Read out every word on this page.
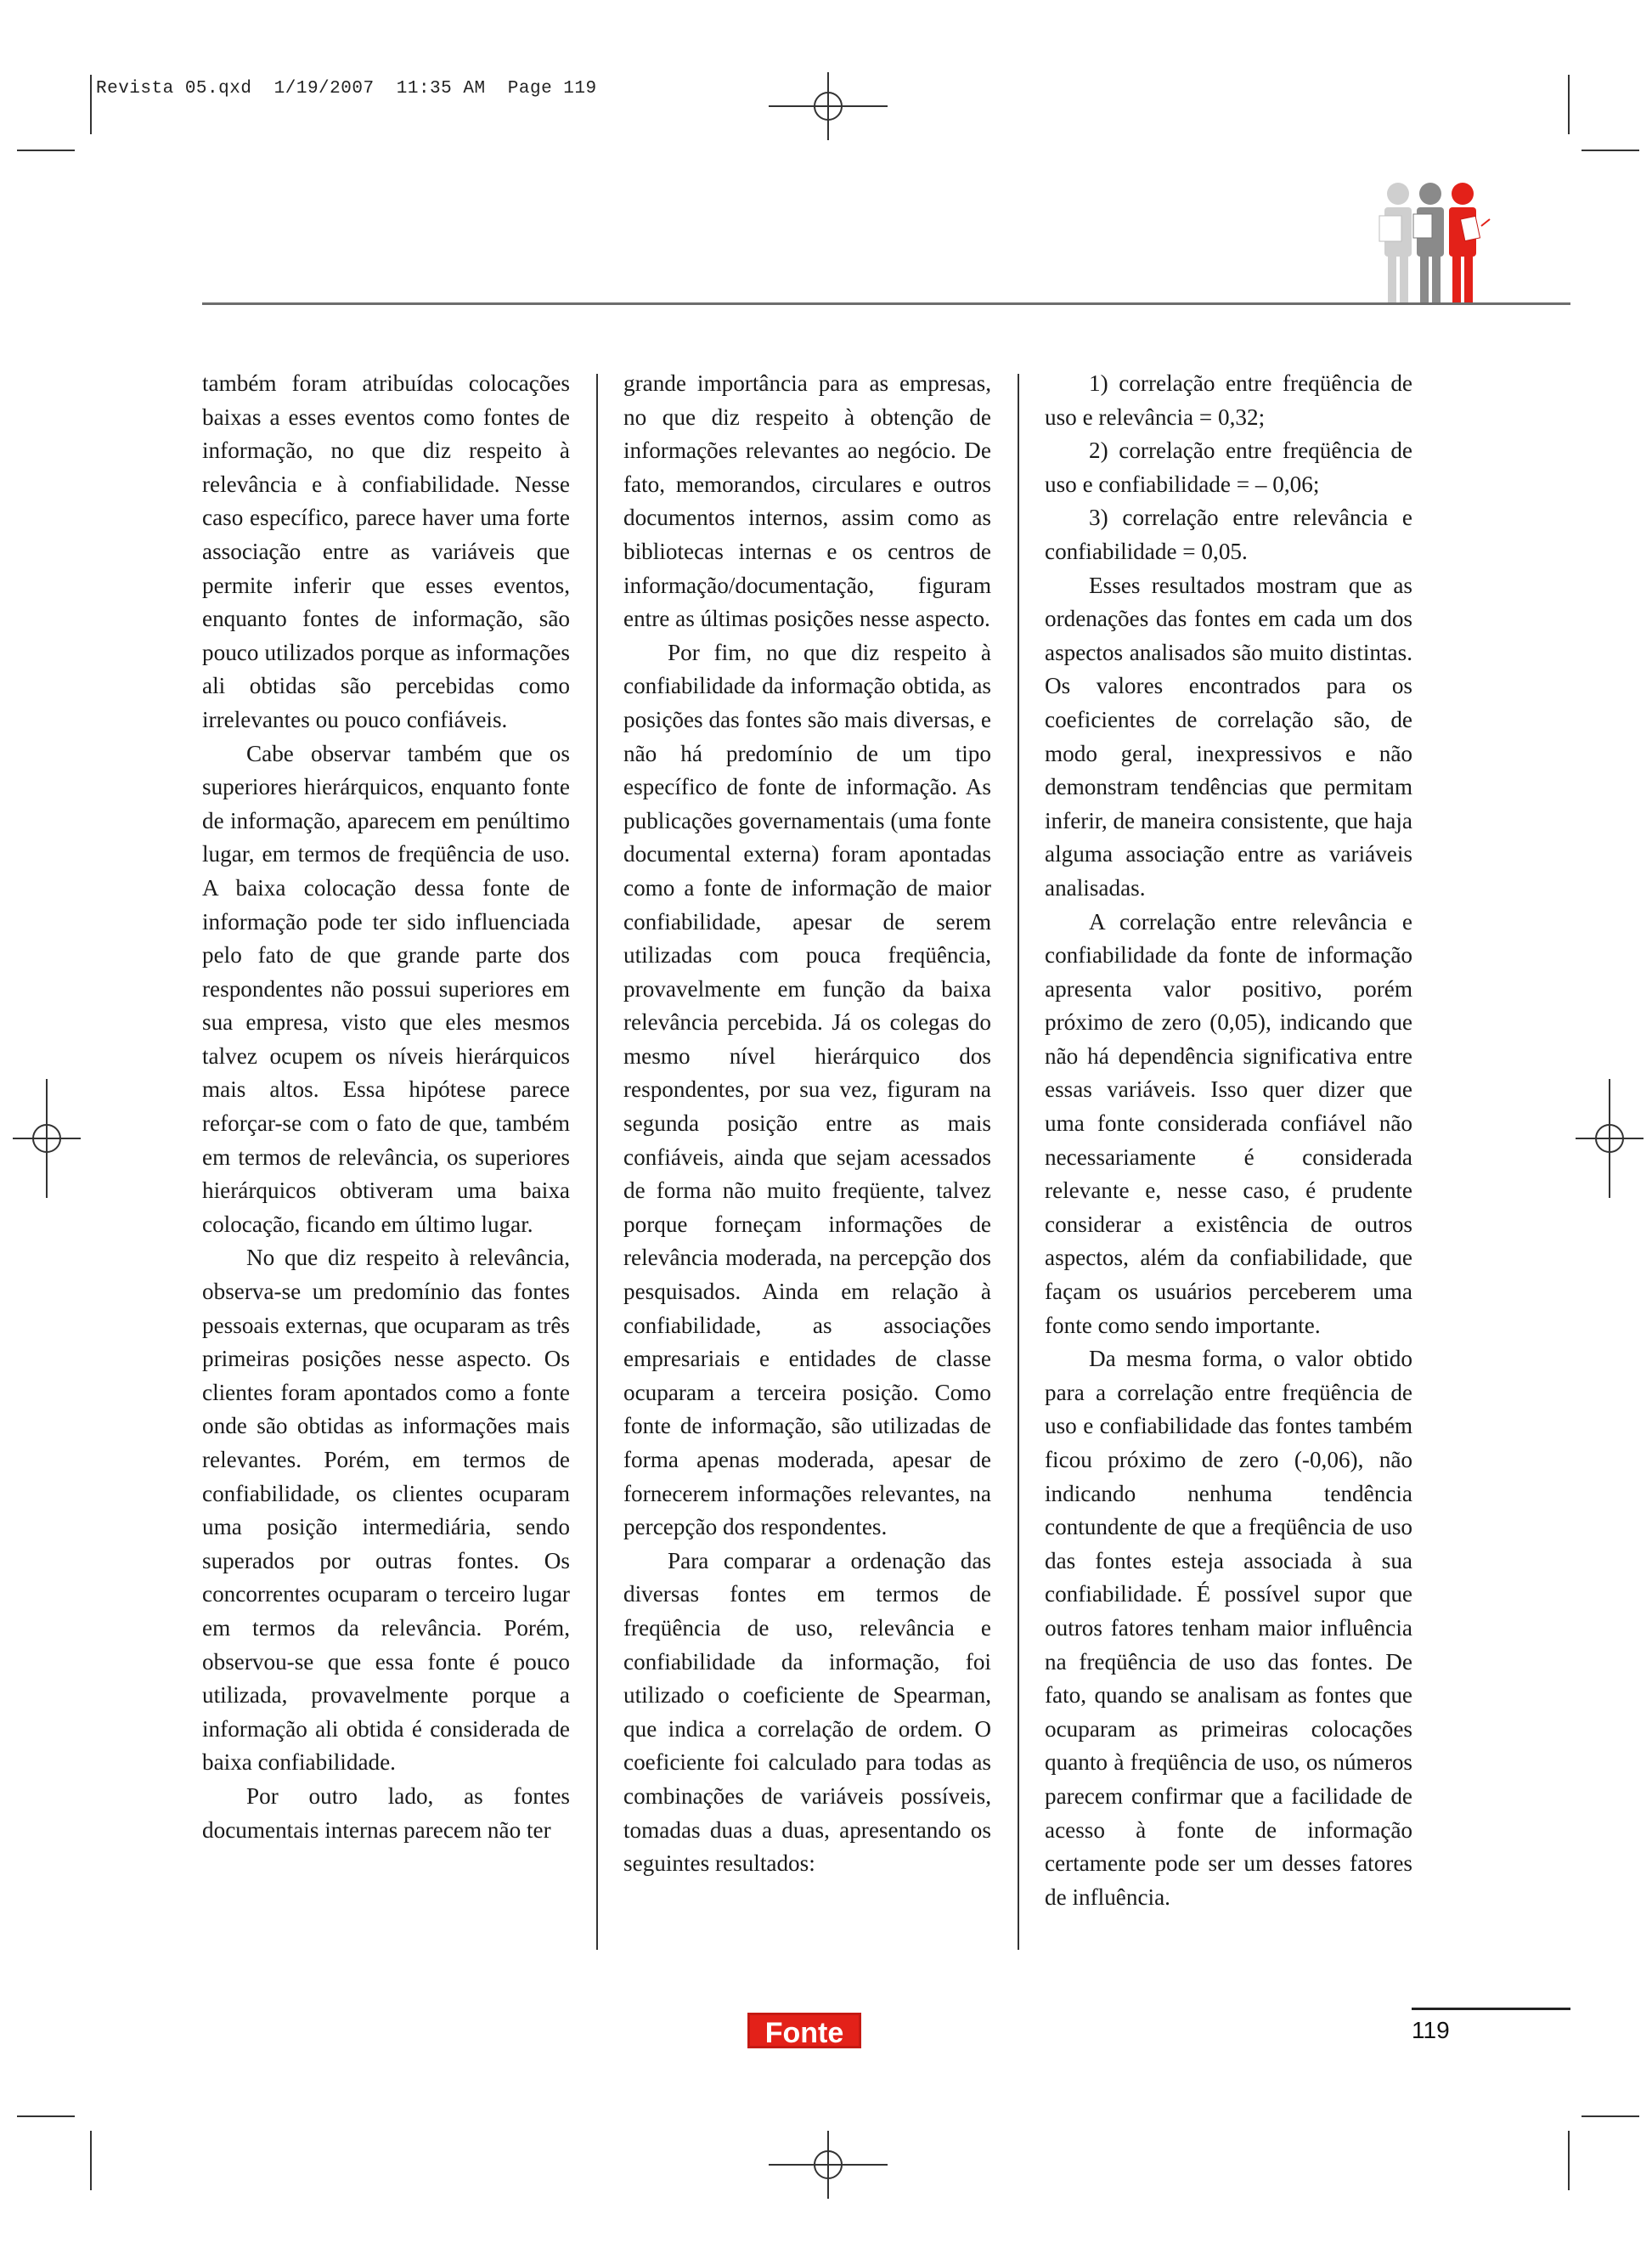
Revista 05.qxd  1/19/2007  11:35 AM  Page 119

também foram atribuídas colocações baixas a esses eventos como fontes de informação, no que diz respeito à relevância e à confiabilidade. Nesse caso específico, parece haver uma forte associação entre as variáveis que permite inferir que esses eventos, enquanto fontes de informação, são pouco utilizados porque as informações ali obtidas são percebidas como irrelevantes ou pouco confiáveis.

Cabe observar também que os superiores hierárquicos, enquanto fonte de informação, aparecem em penúltimo lugar, em termos de freqüência de uso. A baixa colocação dessa fonte de informação pode ter sido influenciada pelo fato de que grande parte dos respondentes não possui superiores em sua empresa, visto que eles mesmos talvez ocupem os níveis hierárquicos mais altos. Essa hipótese parece reforçar-se com o fato de que, também em termos de relevância, os superiores hierárquicos obtiveram uma baixa colocação, ficando em último lugar.

No que diz respeito à relevância, observa-se um predomínio das fontes pessoais externas, que ocuparam as três primeiras posições nesse aspecto. Os clientes foram apontados como a fonte onde são obtidas as informações mais relevantes. Porém, em termos de confiabilidade, os clientes ocuparam uma posição intermediária, sendo superados por outras fontes. Os concorrentes ocuparam o terceiro lugar em termos da relevância. Porém, observou-se que essa fonte é pouco utilizada, provavelmente porque a informação ali obtida é considerada de baixa confiabilidade.

Por outro lado, as fontes documentais internas parecem não ter

grande importância para as empresas, no que diz respeito à obtenção de informações relevantes ao negócio. De fato, memorandos, circulares e outros documentos internos, assim como as bibliotecas internas e os centros de informação/documentação, figuram entre as últimas posições nesse aspecto.

Por fim, no que diz respeito à confiabilidade da informação obtida, as posições das fontes são mais diversas, e não há predomínio de um tipo específico de fonte de informação. As publicações governamentais (uma fonte documental externa) foram apontadas como a fonte de informação de maior confiabilidade, apesar de serem utilizadas com pouca freqüência, provavelmente em função da baixa relevância percebida. Já os colegas do mesmo nível hierárquico dos respondentes, por sua vez, figuram na segunda posição entre as mais confiáveis, ainda que sejam acessados de forma não muito freqüente, talvez porque forneçam informações de relevância moderada, na percepção dos pesquisados. Ainda em relação à confiabilidade, as associações empresariais e entidades de classe ocuparam a terceira posição. Como fonte de informação, são utilizadas de forma apenas moderada, apesar de fornecerem informações relevantes, na percepção dos respondentes.

Para comparar a ordenação das diversas fontes em termos de freqüência de uso, relevância e confiabilidade da informação, foi utilizado o coeficiente de Spearman, que indica a correlação de ordem. O coeficiente foi calculado para todas as combinações de variáveis possíveis, tomadas duas a duas, apresentando os seguintes resultados:

1) correlação entre freqüência de uso e relevância = 0,32;

2) correlação entre freqüência de uso e confiabilidade = – 0,06;

3) correlação entre relevância e confiabilidade = 0,05.

Esses resultados mostram que as ordenações das fontes em cada um dos aspectos analisados são muito distintas. Os valores encontrados para os coeficientes de correlação são, de modo geral, inexpressivos e não demonstram tendências que permitam inferir, de maneira consistente, que haja alguma associação entre as variáveis analisadas.

A correlação entre relevância e confiabilidade da fonte de informação apresenta valor positivo, porém próximo de zero (0,05), indicando que não há dependência significativa entre essas variáveis. Isso quer dizer que uma fonte considerada confiável não necessariamente é considerada relevante e, nesse caso, é prudente considerar a existência de outros aspectos, além da confiabilidade, que façam os usuários perceberem uma fonte como sendo importante.

Da mesma forma, o valor obtido para a correlação entre freqüência de uso e confiabilidade das fontes também ficou próximo de zero (-0,06), não indicando nenhuma tendência contundente de que a freqüência de uso das fontes esteja associada à sua confiabilidade. É possível supor que outros fatores tenham maior influência na freqüência de uso das fontes. De fato, quando se analisam as fontes que ocuparam as primeiras colocações quanto à freqüência de uso, os números parecem confirmar que a facilidade de acesso à fonte de informação certamente pode ser um desses fatores de influência.

Fonte	119
